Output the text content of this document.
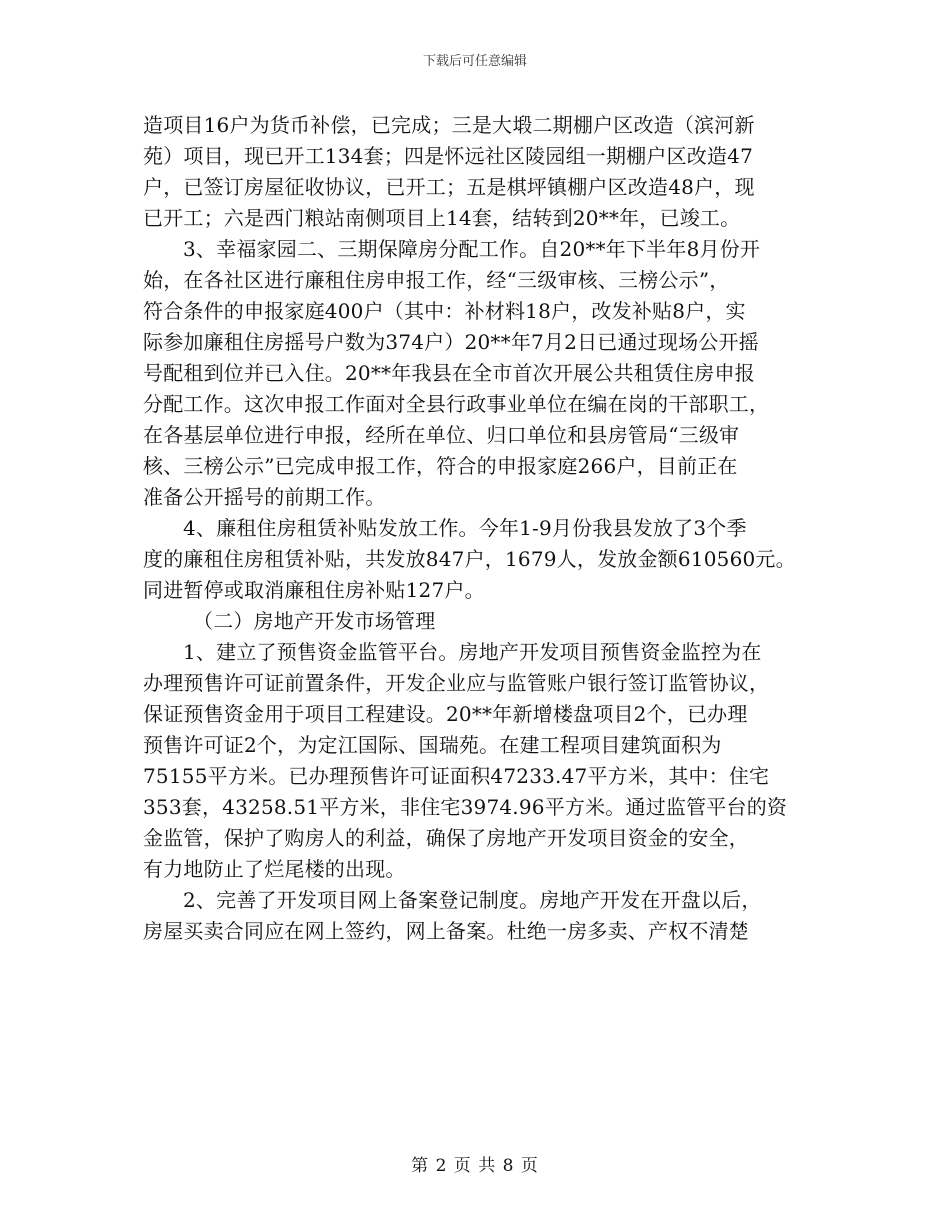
下载后可任意编辑
造项目16户为货币补偿，已完成；三是大塅二期棚户区改造（滨河新
苑）项目，现已开工134套；四是怀远社区陵园组一期棚户区改造47
户，已签订房屋征收协议，已开工；五是棋坪镇棚户区改造48户，现
已开工；六是西门粮站南侧项目上14套，结转到20**年，已竣工。
3、幸福家园二、三期保障房分配工作。自20**年下半年8月份开
始，在各社区进行廉租住房申报工作，经“三级审核、三榜公示”，
符合条件的申报家庭400户（其中：补材料18户，改发补贴8户，实
际参加廉租住房摇号户数为374户）20**年7月2日已通过现场公开摇
号配租到位并已入住。20**年我县在全市首次开展公共租赁住房申报
分配工作。这次申报工作面对全县行政事业单位在编在岗的干部职工，
在各基层单位进行申报，经所在单位、归口单位和县房管局“三级审
核、三榜公示”已完成申报工作，符合的申报家庭266户，目前正在
准备公开摇号的前期工作。
4、廉租住房租赁补贴发放工作。今年1-9月份我县发放了3个季
度的廉租住房租赁补贴，共发放847户，1679人，发放金额610560元。
同进暂停或取消廉租住房补贴127户。
（二）房地产开发市场管理
1、建立了预售资金监管平台。房地产开发项目预售资金监控为在
办理预售许可证前置条件，开发企业应与监管账户银行签订监管协议，
保证预售资金用于项目工程建设。20**年新增楼盘项目2个，已办理
预售许可证2个，为定江国际、国瑞苑。在建工程项目建筑面积为
75155平方米。已办理预售许可证面积47233.47平方米，其中：住宅
353套，43258.51平方米，非住宅3974.96平方米。通过监管平台的资
金监管，保护了购房人的利益，确保了房地产开发项目资金的安全，
有力地防止了烂尾楼的出现。
2、完善了开发项目网上备案登记制度。房地产开发在开盘以后，
房屋买卖合同应在网上签约，网上备案。杜绝一房多卖、产权不清楚
第 2 页 共 8 页
